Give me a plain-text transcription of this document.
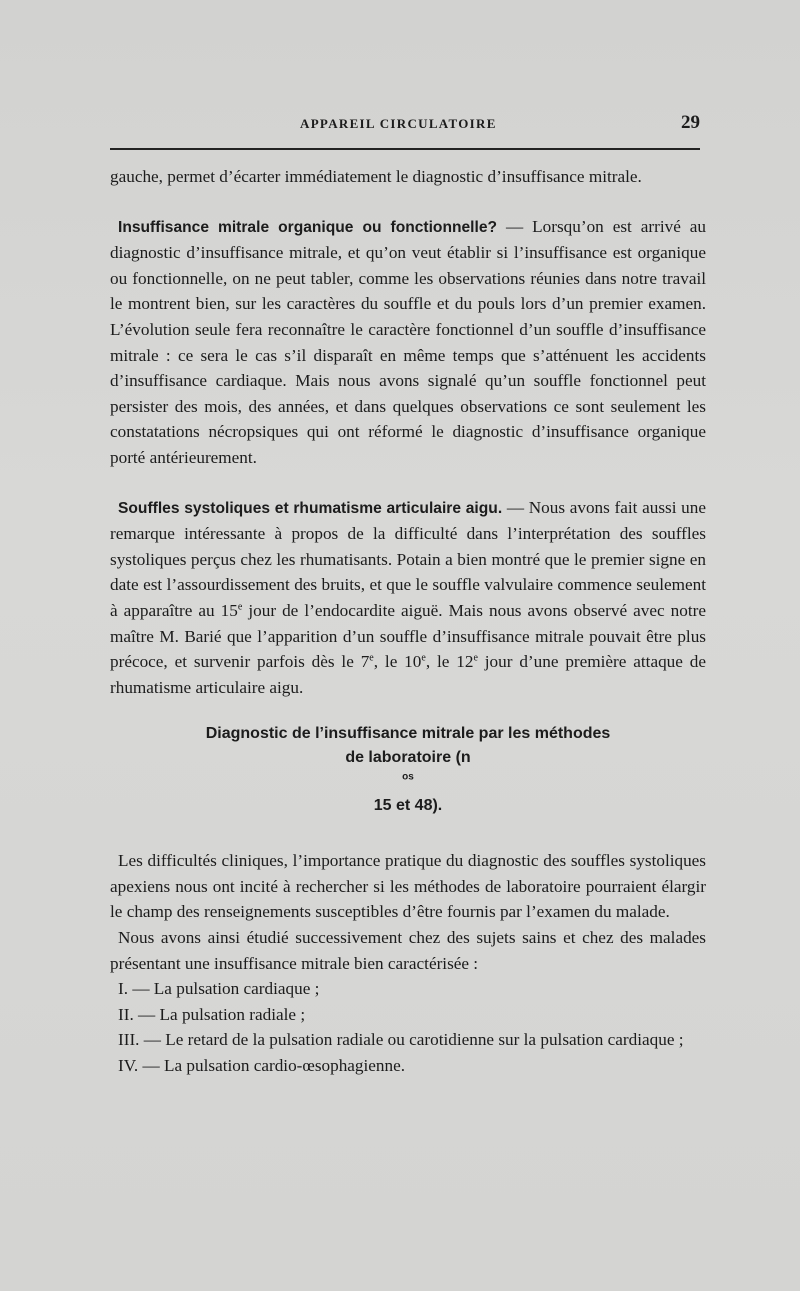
APPAREIL CIRCULATOIRE	29

gauche, permet d’écarter immédiatement le diagnostic d’insuffisance mitrale.

Insuffisance mitrale organique ou fonctionnelle? — Lorsqu’on est arrivé au diagnostic d’insuffisance mitrale, et qu’on veut établir si l’insuffisance est organique ou fonctionnelle, on ne peut tabler, comme les observations réunies dans notre travail le montrent bien, sur les caractères du souffle et du pouls lors d’un premier examen. L’évolution seule fera reconnaître le caractère fonctionnel d’un souffle d’insuffisance mitrale : ce sera le cas s’il disparaît en même temps que s’atténuent les accidents d’insuffisance cardiaque. Mais nous avons signalé qu’un souffle fonctionnel peut persister des mois, des années, et dans quelques observations ce sont seulement les constatations nécropsiques qui ont réformé le diagnostic d’insuffisance organique porté antérieurement.

Souffles systoliques et rhumatisme articulaire aigu. — Nous avons fait aussi une remarque intéressante à propos de la difficulté dans l’interprétation des souffles systoliques perçus chez les rhumatisants. Potain a bien montré que le premier signe en date est l’assourdissement des bruits, et que le souffle valvulaire commence seulement à apparaître au 15e jour de l’endocardite aiguë. Mais nous avons observé avec notre maître M. Barié que l’apparition d’un souffle d’insuffisance mitrale pouvait être plus précoce, et survenir parfois dès le 7e, le 10e, le 12e jour d’une première attaque de rhumatisme articulaire aigu.

Diagnostic de l’insuffisance mitrale par les méthodes
de laboratoire (n
$^{os}$
15 et 48).

Les difficultés cliniques, l’importance pratique du diagnostic des souffles systoliques apexiens nous ont incité à rechercher si les méthodes de laboratoire pourraient élargir le champ des renseignements susceptibles d’être fournis par l’examen du malade.

Nous avons ainsi étudié successivement chez des sujets sains et chez des malades présentant une insuffisance mitrale bien caractérisée :

I. — La pulsation cardiaque ;

II. — La pulsation radiale ;

III. — Le retard de la pulsation radiale ou carotidienne sur la pulsation cardiaque ;

IV. — La pulsation cardio-œsophagienne.
